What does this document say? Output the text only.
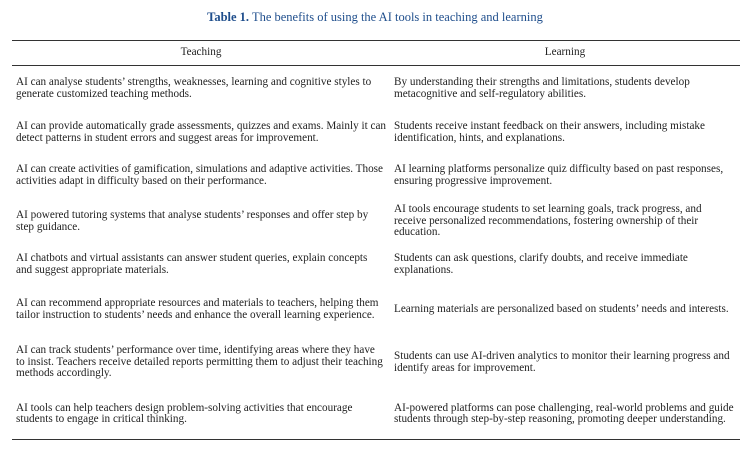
Table 1. The benefits of using the AI tools in teaching and learning
Teaching	Learning
AI can analyse students’ strengths, weaknesses, learning and cognitive styles to generate customized teaching methods.	By understanding their strengths and limitations, students develop metacognitive and self-regulatory abilities.
AI can provide automatically grade assessments, quizzes and exams. Mainly it can detect patterns in student errors and suggest areas for improvement.	Students receive instant feedback on their answers, including mistake identification, hints, and explanations.
AI can create activities of gamification, simulations and adaptive activities. Those activities adapt in difficulty based on their performance.	AI learning platforms personalize quiz difficulty based on past responses, ensuring progressive improvement.
AI powered tutoring systems that analyse students’ responses and offer step by step guidance.	AI tools encourage students to set learning goals, track progress, and receive personalized recommendations, fostering ownership of their education.
AI chatbots and virtual assistants can answer student queries, explain concepts and suggest appropriate materials.	Students can ask questions, clarify doubts, and receive immediate explanations.
AI can recommend appropriate resources and materials to teachers, helping them tailor instruction to students’ needs and enhance the overall learning experience.	Learning materials are personalized based on students’ needs and interests.
AI can track students’ performance over time, identifying areas where they have to insist. Teachers receive detailed reports permitting them to adjust their teaching methods accordingly.	Students can use AI-driven analytics to monitor their learning progress and identify areas for improvement.
AI tools can help teachers design problem-solving activities that encourage students to engage in critical thinking.	AI-powered platforms can pose challenging, real-world problems and guide students through step-by-step reasoning, promoting deeper understanding.
